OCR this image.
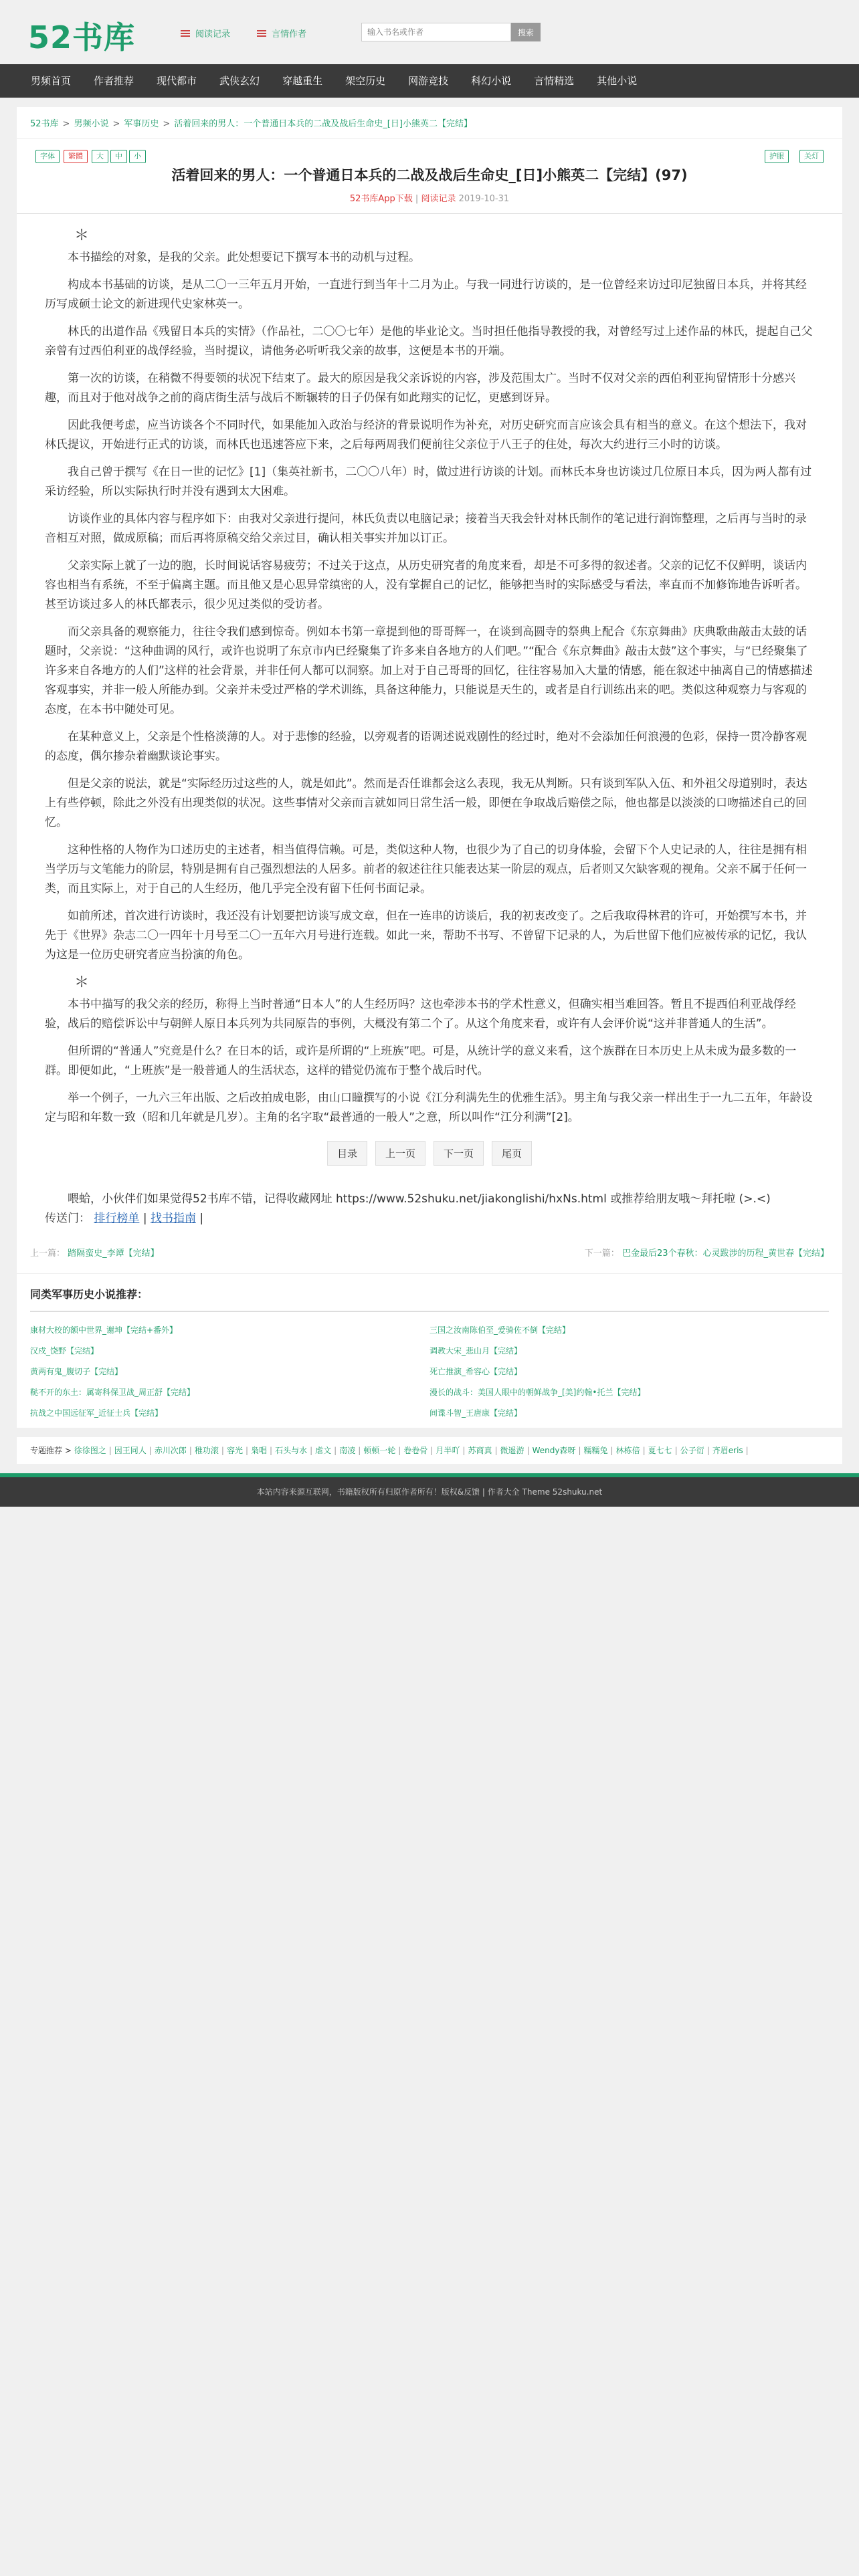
52书库	阅读记录	言情作者
输入书名或作者	搜索
男频首页	作者推荐	现代都市	武侠玄幻	穿越重生	架空历史	网游竞技	科幻小说	言情精选	其他小说
52书库 > 男频小说 > 军事历史 > 活着回来的男人：一个普通日本兵的二战及战后生命史_[日]小熊英二【完结】
字体	繁體	大	中	小	护眼	关灯
活着回来的男人：一个普通日本兵的二战及战后生命史_[日]小熊英二【完结】(97)
52书库App下载 | 阅读记录 2019-10-31

＊

本书描绘的对象，是我的父亲。此处想要记下撰写本书的动机与过程。

构成本书基础的访谈，是从二〇一三年五月开始，一直进行到当年十二月为止。与我一同进行访谈的，是一位曾经来访过印尼独留日本兵，并将其经历写成硕士论文的新进现代史家林英一。

林氏的出道作品《残留日本兵的实情》（作品社，二〇〇七年）是他的毕业论文。当时担任他指导教授的我，对曾经写过上述作品的林氏，提起自己父亲曾有过西伯利亚的战俘经验，当时提议，请他务必听听我父亲的故事，这便是本书的开端。

第一次的访谈，在稍微不得要领的状况下结束了。最大的原因是我父亲诉说的内容，涉及范围太广。当时不仅对父亲的西伯利亚拘留情形十分感兴趣，而且对于他对战争之前的商店街生活与战后不断辗转的日子仍保有如此翔实的记忆，更感到讶异。

因此我便考虑，应当访谈各个不同时代，如果能加入政治与经济的背景说明作为补充，对历史研究而言应该会具有相当的意义。在这个想法下，我对林氏提议，开始进行正式的访谈，而林氏也迅速答应下来，之后每两周我们便前往父亲位于八王子的住处，每次大约进行三小时的访谈。

我自己曾于撰写《在日一世的记忆》[1]（集英社新书，二〇〇八年）时，做过进行访谈的计划。而林氏本身也访谈过几位原日本兵，因为两人都有过采访经验，所以实际执行时并没有遇到太大困难。

访谈作业的具体内容与程序如下：由我对父亲进行提问，林氏负责以电脑记录；接着当天我会针对林氏制作的笔记进行润饰整理，之后再与当时的录音相互对照，做成原稿；而后再将原稿交给父亲过目，确认相关事实并加以订正。

父亲实际上就了一边的胞，长时间说话容易疲劳；不过关于这点，从历史研究者的角度来看，却是不可多得的叙述者。父亲的记忆不仅鲜明，谈话内容也相当有系统，不至于偏离主题。而且他又是心思异常缜密的人，没有掌握自己的记忆，能够把当时的实际感受与看法，率直而不加修饰地告诉听者。甚至访谈过多人的林氏都表示，很少见过类似的受访者。

而父亲具备的观察能力，往往令我们感到惊奇。例如本书第一章提到他的哥哥辉一，在谈到高圆寺的祭典上配合《东京舞曲》庆典歌曲敲击太鼓的话题时，父亲说：“这种曲调的风行，或许也说明了东京市内已经聚集了许多来自各地方的人们吧。”“配合《东京舞曲》敲击太鼓”这个事实，与“已经聚集了许多来自各地方的人们”这样的社会背景，并非任何人都可以洞察。加上对于自己哥哥的回忆，往往容易加入大量的情感，能在叙述中抽离自己的情感描述客观事实，并非一般人所能办到。父亲并未受过严格的学术训练，具备这种能力，只能说是天生的，或者是自行训练出来的吧。类似这种观察力与客观的态度，在本书中随处可见。

在某种意义上，父亲是个性格淡薄的人。对于悲惨的经验，以旁观者的语调述说戏剧性的经过时，绝对不会添加任何浪漫的色彩，保持一贯冷静客观的态度，偶尔掺杂着幽默谈论事实。

但是父亲的说法，就是“实际经历过这些的人，就是如此”。然而是否任谁都会这么表现，我无从判断。只有谈到军队入伍、和外祖父母道别时，表达上有些停顿，除此之外没有出现类似的状况。这些事情对父亲而言就如同日常生活一般，即便在争取战后赔偿之际，他也都是以淡淡的口吻描述自己的回忆。

这种性格的人物作为口述历史的主述者，相当值得信赖。可是，类似这种人物，也很少为了自己的切身体验，会留下个人史记录的人，往往是拥有相当学历与文笔能力的阶层，特别是拥有自己强烈想法的人居多。前者的叙述往往只能表达某一阶层的观点，后者则又欠缺客观的视角。父亲不属于任何一类，而且实际上，对于自己的人生经历，他几乎完全没有留下任何书面记录。

如前所述，首次进行访谈时，我还没有计划要把访谈写成文章，但在一连串的访谈后，我的初衷改变了。之后我取得林君的许可，开始撰写本书，并先于《世界》杂志二〇一四年十月号至二〇一五年六月号进行连载。如此一来，帮助不书写、不曾留下记录的人，为后世留下他们应被传承的记忆，我认为这是一位历史研究者应当扮演的角色。

＊

本书中描写的我父亲的经历，称得上当时普通“日本人”的人生经历吗？这也牵涉本书的学术性意义，但确实相当难回答。暂且不提西伯利亚战俘经验，战后的赔偿诉讼中与朝鲜人原日本兵列为共同原告的事例，大概没有第二个了。从这个角度来看，或许有人会评价说“这并非普通人的生活”。

但所谓的“普通人”究竟是什么？在日本的话，或许是所谓的“上班族”吧。可是，从统计学的意义来看，这个族群在日本历史上从未成为最多数的一群。即便如此，“上班族”是一般普通人的生活状态，这样的错觉仍流布于整个战后时代。

举一个例子，一九六三年出版、之后改拍成电影，由山口瞳撰写的小说《江分利满先生的优雅生活》。男主角与我父亲一样出生于一九二五年，年龄设定与昭和年数一致（昭和几年就是几岁）。主角的名字取“最普通的一般人”之意，所以叫作“江分利满”[2]。

目录	上一页	下一页	尾页

喂蛤，小伙伴们如果觉得52书库不错，记得收藏网址 https://www.52shuku.net/jiakonglishi/hxNs.html 或推荐给朋友哦～拜托啦 (>.<)

传送门： 排行榜单 | 找书指南 |
上一篇： 踏隔蛮史_李谭【完结】	下一篇： 巴金最后23个春秋：心灵跋涉的历程_黄世春【完结】
同类军事历史小说推荐：
康材大校的额中世界_谢坤【完结+番外】	三国之汝南陈伯至_爱骑佐不倒【完结】
汉戍_饶野【完结】	调教大宋_悲山月【完结】
黄两有鬼_腹切子【完结】	死亡推演_希容心【完结】
鞑不开的东土：属寄科保卫战_周正舒【完结】	漫长的战斗：美国人眼中的朝鲜战争_[美]约翰•托兰【完结】
抗战之中国远征军_近征士兵【完结】	间谍斗智_王唐康【完结】
专题推荐 > 徐徐图之 | 因王同人 | 赤川次郎 | 稚功滚 | 容光 | 枭唱 | 石头与水 | 虐文 | 南凌 | 顿顿一轮 | 卷卷骨 | 月半吖 | 苏商真 | 微遥游 | Wendy森呀 | 糯糯兔 | 林栋倍 | 夏七七 | 公子衍 | 齐眉eris |
本站内容来源互联网，书籍版权所有归原作者所有！版权&反馈 | 作者大全 Theme 52shuku.net
